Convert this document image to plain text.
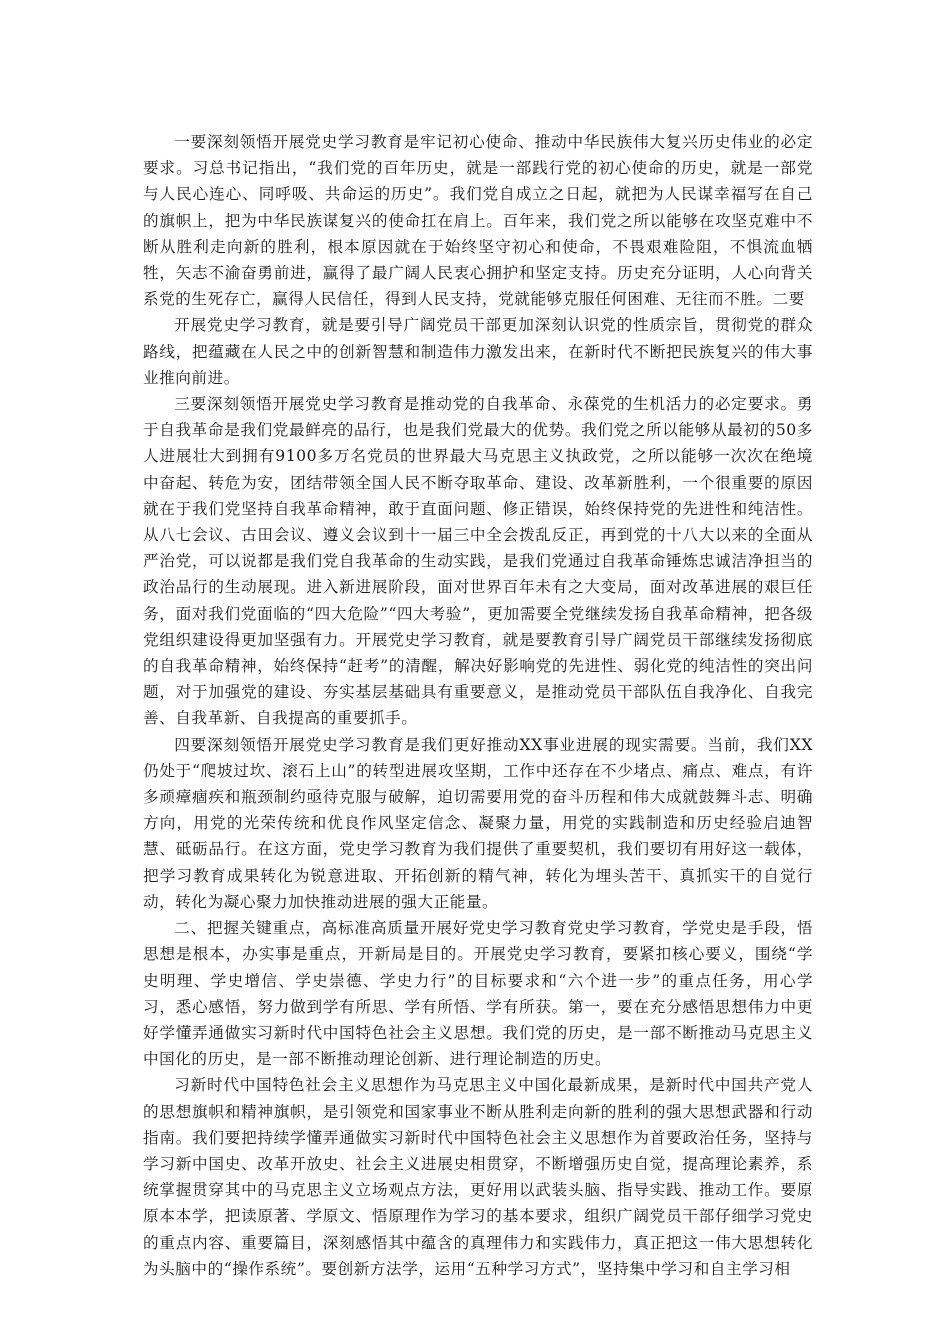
一要深刻领悟开展党史学习教育是牢记初心使命、推动中华民族伟大复兴历史伟业的必定要求。习总书记指出，“我们党的百年历史，就是一部践行党的初心使命的历史，就是一部党与人民心连心、同呼吸、共命运的历史”。我们党自成立之日起，就把为人民谋幸福写在自己的旗帜上，把为中华民族谋复兴的使命扛在肩上。百年来，我们党之所以能够在攻坚克难中不断从胜利走向新的胜利，根本原因就在于始终坚守初心和使命，不畏艰难险阻，不惧流血牺牲，矢志不渝奋勇前进，赢得了最广阔人民衷心拥护和坚定支持。历史充分证明，人心向背关系党的生死存亡，赢得人民信任，得到人民支持，党就能够克服任何困难、无往而不胜。二要

开展党史学习教育，就是要引导广阔党员干部更加深刻认识党的性质宗旨，贯彻党的群众路线，把蕴藏在人民之中的创新智慧和制造伟力激发出来，在新时代不断把民族复兴的伟大事业推向前进。

三要深刻领悟开展党史学习教育是推动党的自我革命、永葆党的生机活力的必定要求。勇于自我革命是我们党最鲜亮的品行，也是我们党最大的优势。我们党之所以能够从最初的50多人进展壮大到拥有9100多万名党员的世界最大马克思主义执政党，之所以能够一次次在绝境中奋起、转危为安，团结带领全国人民不断夺取革命、建设、改革新胜利，一个很重要的原因就在于我们党坚持自我革命精神，敢于直面问题、修正错误，始终保持党的先进性和纯洁性。从八七会议、古田会议、遵义会议到十一届三中全会拨乱反正，再到党的十八大以来的全面从严治党，可以说都是我们党自我革命的生动实践，是我们党通过自我革命锤炼忠诚洁净担当的政治品行的生动展现。进入新进展阶段，面对世界百年未有之大变局，面对改革进展的艰巨任务，面对我们党面临的“四大危险”“四大考验”，更加需要全党继续发扬自我革命精神，把各级党组织建设得更加坚强有力。开展党史学习教育，就是要教育引导广阔党员干部继续发扬彻底的自我革命精神，始终保持“赶考”的清醒，解决好影响党的先进性、弱化党的纯洁性的突出问题，对于加强党的建设、夯实基层基础具有重要意义，是推动党员干部队伍自我净化、自我完善、自我革新、自我提高的重要抓手。

四要深刻领悟开展党史学习教育是我们更好推动XX事业进展的现实需要。当前，我们XX仍处于“爬坡过坎、滚石上山”的转型进展攻坚期，工作中还存在不少堵点、痛点、难点，有许多顽瘴痼疾和瓶颈制约亟待克服与破解，迫切需要用党的奋斗历程和伟大成就鼓舞斗志、明确方向，用党的光荣传统和优良作风坚定信念、凝聚力量，用党的实践制造和历史经验启迪智慧、砥砺品行。在这方面，党史学习教育为我们提供了重要契机，我们要切有用好这一载体，把学习教育成果转化为锐意进取、开拓创新的精气神，转化为埋头苦干、真抓实干的自觉行动，转化为凝心聚力加快推动进展的强大正能量。

二、把握关键重点，高标准高质量开展好党史学习教育党史学习教育，学党史是手段，悟思想是根本，办实事是重点，开新局是目的。开展党史学习教育，要紧扣核心要义，围绕“学史明理、学史增信、学史崇德、学史力行”的目标要求和“六个进一步”的重点任务，用心学习，悉心感悟，努力做到学有所思、学有所悟、学有所获。第一，要在充分感悟思想伟力中更好学懂弄通做实习新时代中国特色社会主义思想。我们党的历史，是一部不断推动马克思主义中国化的历史，是一部不断推动理论创新、进行理论制造的历史。

习新时代中国特色社会主义思想作为马克思主义中国化最新成果，是新时代中国共产党人的思想旗帜和精神旗帜，是引领党和国家事业不断从胜利走向新的胜利的强大思想武器和行动指南。我们要把持续学懂弄通做实习新时代中国特色社会主义思想作为首要政治任务，坚持与学习新中国史、改革开放史、社会主义进展史相贯穿，不断增强历史自觉，提高理论素养，系统掌握贯穿其中的马克思主义立场观点方法，更好用以武装头脑、指导实践、推动工作。要原原本本学，把读原著、学原文、悟原理作为学习的基本要求，组织广阔党员干部仔细学习党史的重点内容、重要篇目，深刻感悟其中蕴含的真理伟力和实践伟力，真正把这一伟大思想转化为头脑中的“操作系统”。要创新方法学，运用“五种学习方式”，坚持集中学习和自主学习相
